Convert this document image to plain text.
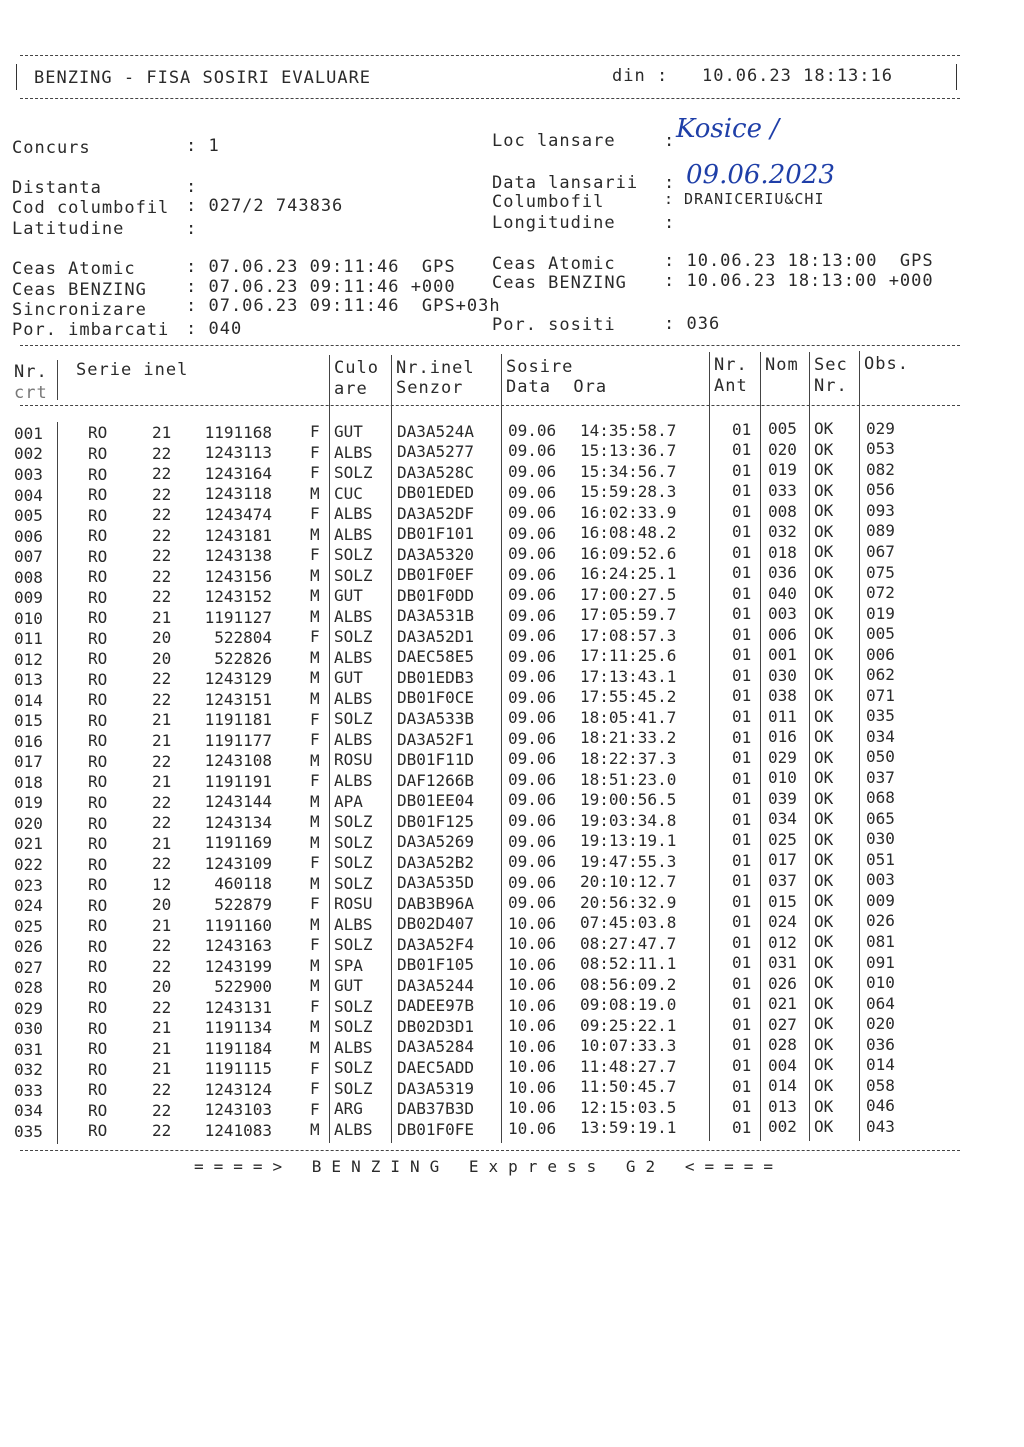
BENZING - FISA SOSIRI EVALUARE	din : 10.06.23 18:13:16
Concurs	: 1	Loc lansare	: Kosice /
Distanta	:	Data lansarii : 09.06.2023
Cod columbofil : 027/2 743836	Columbofil	: DRANICERIU&CHI
Latitudine	:	Longitudine	:
Ceas Atomic	: 07.06.23 09:11:46  GPS
Ceas BENZING : 07.06.23 09:11:46 +000
Sincronizare : 07.06.23 09:11:46  GPS+03h
Por. imbarcati : 040
Ceas Atomic	: 10.06.23 18:13:00  GPS
Ceas BENZING : 10.06.23 18:13:00 +000
Por. sositi	: 036
Nr.
crt
Serie inel	Culo
are
Nr.inel
Senzor
Sosire
Data  Ora
Nr.
Ant
Nom Sec
Nr.
Obs.
001	RO	21	1191168 F GUT DA3A524A 09.06 14:35:58.7	01 005 OK 029
002	RO	22	1243113 F ALBS DA3A5277 09.06 15:13:36.7	01 020 OK 053
003	RO	22	1243164 F SOLZ DA3A528C 09.06 15:34:56.7	01 019 OK 082
004	RO	22	1243118 M CUC DB01EDED 09.06 15:59:28.3	01 033 OK 056
005	RO	22	1243474 F ALBS DA3A52DF 09.06 16:02:33.9	01 008 OK 093
006	RO	22	1243181 M ALBS DB01F101 09.06 16:08:48.2	01 032 OK 089
007	RO	22	1243138 F SOLZ DA3A5320 09.06 16:09:52.6	01 018 OK 067
008	RO	22	1243156 M SOLZ DB01F0EF 09.06 16:24:25.1	01 036 OK 075
009	RO	22	1243152 M GUT DB01F0DD 09.06 17:00:27.5	01 040 OK 072
010	RO	21	1191127 M ALBS DA3A531B 09.06 17:05:59.7	01 003 OK 019
011	RO	20	522804 F SOLZ DA3A52D1 09.06 17:08:57.3	01 006 OK 005
012	RO	20	522826 M ALBS DAEC58E5 09.06 17:11:25.6	01 001 OK 006
013	RO	22	1243129 M GUT DB01EDB3 09.06 17:13:43.1	01 030 OK 062
014	RO	22	1243151 M ALBS DB01F0CE 09.06 17:55:45.2	01 038 OK 071
015	RO	21	1191181 F SOLZ DA3A533B 09.06 18:05:41.7	01 011 OK 035
016	RO	21	1191177 F ALBS DA3A52F1 09.06 18:21:33.2	01 016 OK 034
017	RO	22	1243108 M ROSU DB01F11D 09.06 18:22:37.3	01 029 OK 050
018	RO	21	1191191 F ALBS DAF1266B 09.06 18:51:23.0	01 010 OK 037
019	RO	22	1243144 M APA DB01EE04 09.06 19:00:56.5	01 039 OK 068
020	RO	22	1243134 M SOLZ DB01F125 09.06 19:03:34.8	01 034 OK 065
021	RO	21	1191169 M SOLZ DA3A5269 09.06 19:13:19.1	01 025 OK 030
022	RO	22	1243109 F SOLZ DA3A52B2 09.06 19:47:55.3	01 017 OK 051
023	RO	12	460118 M SOLZ DA3A535D 09.06 20:10:12.7	01 037 OK 003
024	RO	20	522879 F ROSU DAB3B96A 09.06 20:56:32.9	01 015 OK 009
025	RO	21	1191160 M ALBS DB02D407 10.06 07:45:03.8	01 024 OK 026
026	RO	22	1243163 F SOLZ DA3A52F4 10.06 08:27:47.7	01 012 OK 081
027	RO	22	1243199 M SPA DB01F105 10.06 08:52:11.1	01 031 OK 091
028	RO	20	522900 M GUT DA3A5244 10.06 08:56:09.2	01 026 OK 010
029	RO	22	1243131 F SOLZ DADEE97B 10.06 09:08:19.0	01 021 OK 064
030	RO	21	1191134 M SOLZ DB02D3D1 10.06 09:25:22.1	01 027 OK 020
031	RO	21	1191184 M ALBS DA3A5284 10.06 10:07:33.3	01 028 OK 036
032	RO	21	1191115 F SOLZ DAEC5ADD 10.06 11:48:27.7	01 004 OK 014
033	RO	22	1243124 F SOLZ DA3A5319 10.06 11:50:45.7	01 014 OK 058
034	RO	22	1243103 F ARG DAB37B3D 10.06 12:15:03.5	01 013 OK 046
035	RO	22	1241083 M ALBS DB01F0FE 10.06 13:59:19.1	01 002 OK 043
====> BENZING Express G2 <====
